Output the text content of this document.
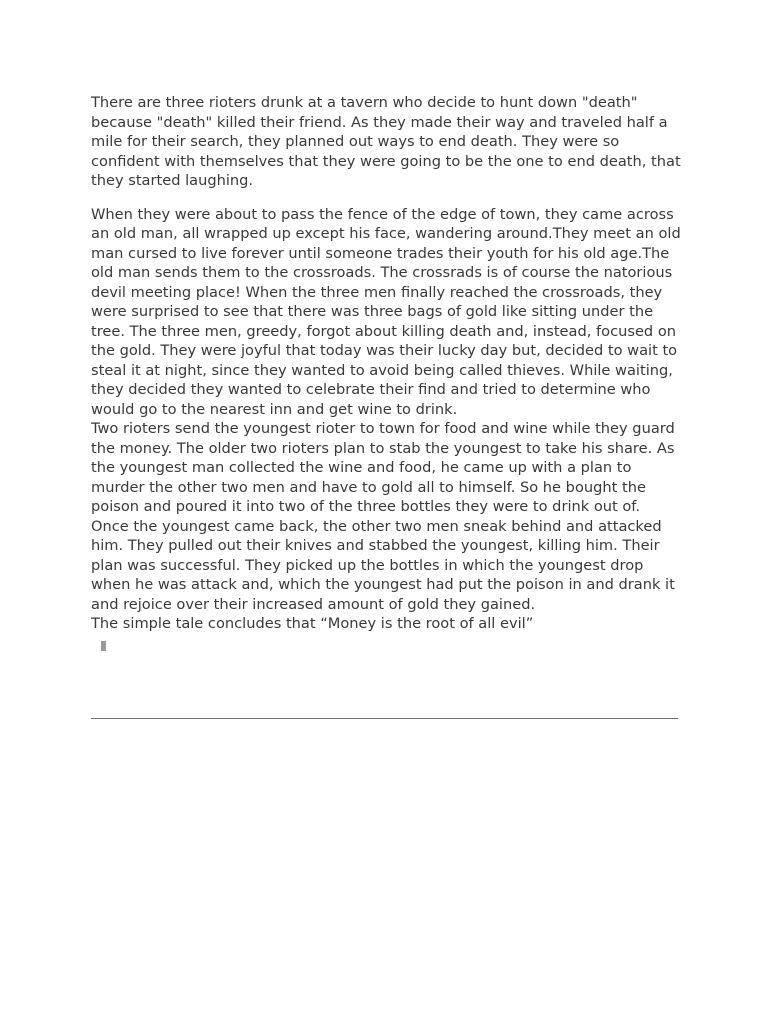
There are three rioters drunk at a tavern who decide to hunt down "death" because "death" killed their friend. As they made their way and traveled half a mile for their search, they planned out ways to end death. They were so confident with themselves that they were going to be the one to end death, that they started laughing.

When they were about to pass the fence of the edge of town, they came across an old man, all wrapped up except his face, wandering around.They meet an old man cursed to live forever until someone trades their youth for his old age.The old man sends them to the crossroads. The crossrads is of course the natorious devil meeting place! When the three men finally reached the crossroads, they were surprised to see that there was three bags of gold like sitting under the tree. The three men, greedy, forgot about killing death and, instead, focused on the gold. They were joyful that today was their lucky day but, decided to wait to steal it at night, since they wanted to avoid being called thieves. While waiting, they decided they wanted to celebrate their find and tried to determine who would go to the nearest inn and get wine to drink.

Two rioters send the youngest rioter to town for food and wine while they guard the money. The older two rioters plan to stab the youngest to take his share. As the youngest man collected the wine and food, he came up with a plan to murder the other two men and have to gold all to himself. So he bought the poison and poured it into two of the three bottles they were to drink out of.

Once the youngest came back, the other two men sneak behind and attacked him. They pulled out their knives and stabbed the youngest, killing him. Their plan was successful. They picked up the bottles in which the youngest drop when he was attack and, which the youngest had put the poison in and drank it and rejoice over their increased amount of gold they gained.

The simple tale concludes that “Money is the root of all evil”
